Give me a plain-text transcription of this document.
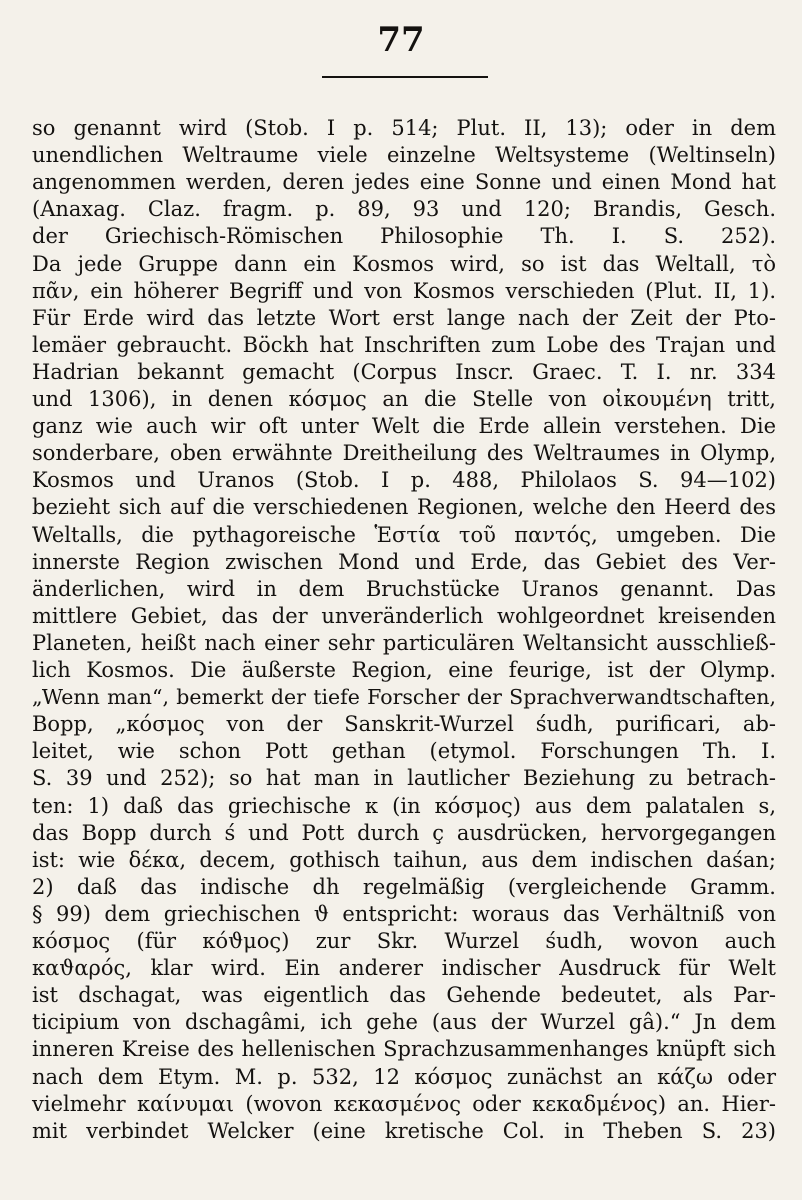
77
so genannt wird (Stob. I p. 514; Plut. II, 13); oder in dem
unendlichen Weltraume viele einzelne Weltsysteme (Weltinseln)
angenommen werden, deren jedes eine Sonne und einen Mond hat
(Anaxag. Claz. fragm. p. 89, 93 und 120; Brandis, Gesch.
der Griechisch-Römischen Philosophie Th. I. S. 252).
Da jede Gruppe dann ein Kosmos wird, so ist das Weltall, τὸ
πᾶν, ein höherer Begriff und von Kosmos verschieden (Plut. II, 1).
Für Erde wird das letzte Wort erst lange nach der Zeit der Pto-
lemäer gebraucht. Böckh hat Inschriften zum Lobe des Trajan und
Hadrian bekannt gemacht (Corpus Inscr. Graec. T. I. nr. 334
und 1306), in denen κόσμος an die Stelle von οἰκουμένη tritt,
ganz wie auch wir oft unter Welt die Erde allein verstehen. Die
sonderbare, oben erwähnte Dreitheilung des Weltraumes in Olymp,
Kosmos und Uranos (Stob. I p. 488, Philolaos S. 94—102)
bezieht sich auf die verschiedenen Regionen, welche den Heerd des
Weltalls, die pythagoreische Ἑστία τοῦ παντός, umgeben. Die
innerste Region zwischen Mond und Erde, das Gebiet des Ver-
änderlichen, wird in dem Bruchstücke Uranos genannt. Das
mittlere Gebiet, das der unveränderlich wohlgeordnet kreisenden
Planeten, heißt nach einer sehr particulären Weltansicht ausschließ-
lich Kosmos. Die äußerste Region, eine feurige, ist der Olymp.
„Wenn man“, bemerkt der tiefe Forscher der Sprachverwandtschaften,
Bopp, „κόσμος von der Sanskrit-Wurzel śudh, purificari, ab-
leitet, wie schon Pott gethan (etymol. Forschungen Th. I.
S. 39 und 252); so hat man in lautlicher Beziehung zu betrach-
ten: 1) daß das griechische κ (in κόσμος) aus dem palatalen s,
das Bopp durch ś und Pott durch ç ausdrücken, hervorgegangen
ist: wie δέκα, decem, gothisch taihun, aus dem indischen daśan;
2) daß das indische dh regelmäßig (vergleichende Gramm.
§ 99) dem griechischen ϑ entspricht: woraus das Verhältniß von
κόσμος (für κόϑμος) zur Skr. Wurzel śudh, wovon auch
καϑαρός, klar wird. Ein anderer indischer Ausdruck für Welt
ist dschagat, was eigentlich das Gehende bedeutet, als Par-
ticipium von dschagâmi, ich gehe (aus der Wurzel gâ).“ Jn dem
inneren Kreise des hellenischen Sprachzusammenhanges knüpft sich
nach dem Etym. M. p. 532, 12 κόσμος zunächst an κάζω oder
vielmehr καίνυμαι (wovon κεκασμένος oder κεκαδμένος) an. Hier-
mit verbindet Welcker (eine kretische Col. in Theben S. 23)
